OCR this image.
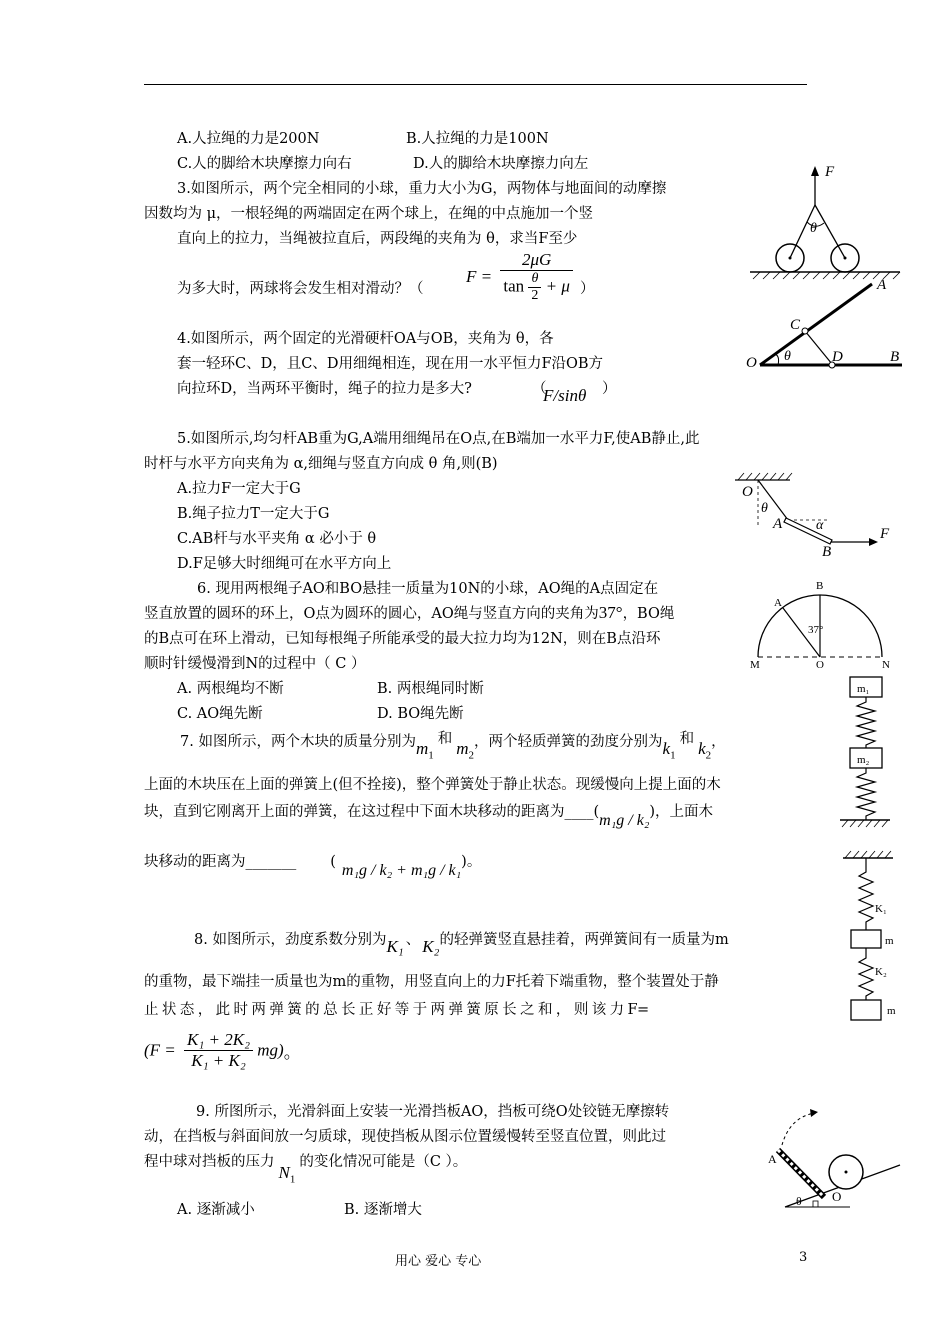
A.人拉绳的力是200N	B.人拉绳的力是100N
C.人的脚给木块摩擦力向右	D.人的脚给木块摩擦力向左
3.如图所示，两个完全相同的小球，重力大小为G，两物体与地面间的动摩擦
因数均为 μ，一根轻绳的两端固定在两个球上，在绳的中点施加一个竖
直向上的拉力，当绳被拉直后，两段绳的夹角为 θ，求当F至少
为多大时，两球将会发生相对滑动？（
$F = \frac{2\mu G}{\tan \frac{\theta}{2} + \mu}$ ）
F
θ
4.如图所示，两个固定的光滑硬杆OA与OB，夹角为 θ，各
套一轻环C、D，且C、D用细绳相连，现在用一水平恒力F沿OB方
向拉环D，当两环平衡时，绳子的拉力是多大?	（
F/sinθ ）
A
B
C
D
O θ
5.如图所示,均匀杆AB重为G,A端用细绳吊在O点,在B端加一水平力F,使AB静止,此
时杆与水平方向夹角为 α,细绳与竖直方向成 θ 角,则(B)
A.拉力F一定大于G
B.绳子拉力T一定大于G
C.AB杆与水平夹角 α 必小于 θ
D.F足够大时细绳可在水平方向上
O
θ
A α
B
F
6. 现用两根绳子AO和BO悬挂一质量为10N的小球，AO绳的A点固定在
竖直放置的圆环的环上，O点为圆环的圆心，AO绳与竖直方向的夹角为37°，BO绳
的B点可在环上滑动，已知每根绳子所能承受的最大拉力均为12N，则在B点沿环
顺时针缓慢滑到N的过程中（ C ）
A. 两根绳均不断	B. 两根绳同时断
C. AO绳先断	D. BO绳先断
B
A
M	O	N
37°
7. 如图所示，两个木块的质量分别为$m_1$和 $m_2$，两个轻质弹簧的劲度分别为$k_1$和 $k_2$，
上面的木块压在上面的弹簧上(但不拴接)，整个弹簧处于静止状态。现缓慢向上提上面的木
块，直到它刚离开上面的弹簧，在这过程中下面木块移动的距离为____(m₁g / k₂)，上面木
块移动的距离为_______ ( m₁g / k₂ + m₁g / k₁)。
m₁
m₂
8. 如图所示，劲度系数分别为K₁ 、 K₂的轻弹簧竖直悬挂着，两弹簧间有一质量为m
的重物，最下端挂一质量也为m的重物，用竖直向上的力F托着下端重物，整个装置处于静
止 状 态 ， 此 时 两 弹 簧 的 总 长 正 好 等 于 两 弹 簧 原 长 之 和 ， 则 该 力 F=
$(F = \frac{\text{K₁ + 2K₂}}{\text{K₁ + K₂}} mg)$。
K₁
m
K₂
m
9. 所图所示，光滑斜面上安装一光滑挡板AO，挡板可绕O处铰链无摩擦转
动，在挡板与斜面间放一匀质球，现使挡板从图示位置缓慢转至竖直位置，则此过
程中球对挡板的压力$N_1$的变化情况可能是（C ）。
A. 逐渐减小	B. 逐渐增大
A
O
θ
用心 爱心 专心	3
